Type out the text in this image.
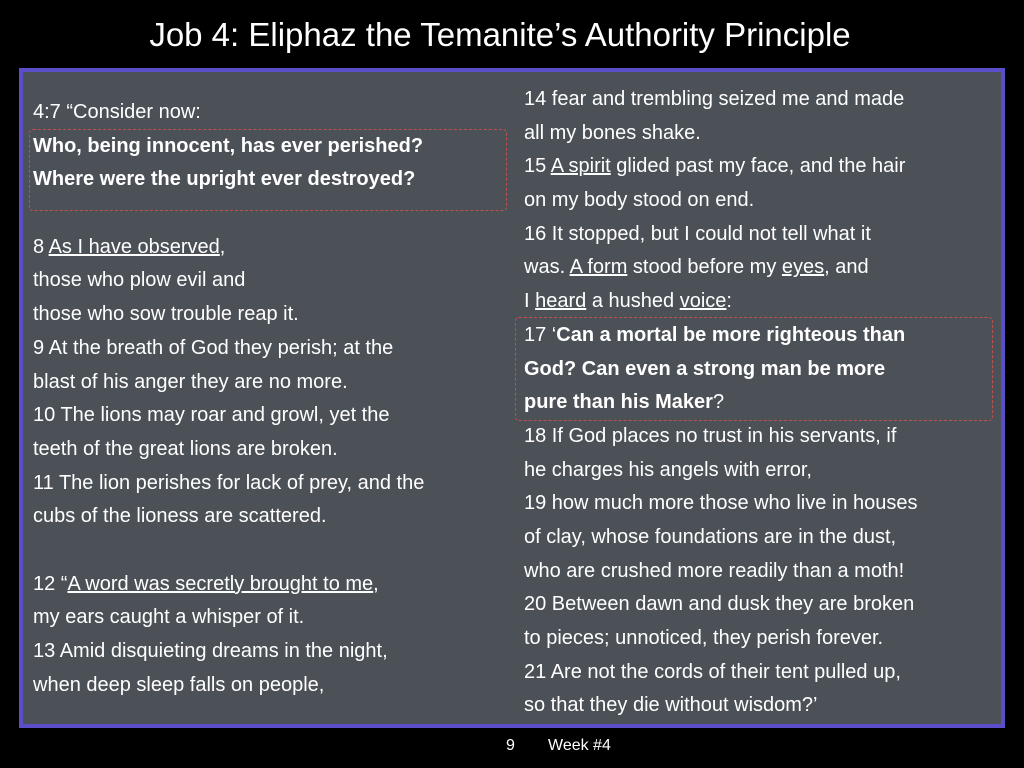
Job 4: Eliphaz the Temanite’s Authority Principle
4:7 “Consider now:
Who, being innocent, has ever perished?
Where were the upright ever destroyed?
8 As I have observed,
those who plow evil and
those who sow trouble reap it.
9 At the breath of God they perish; at the
blast of his anger they are no more.
10 The lions may roar and growl, yet the
teeth of the great lions are broken.
11 The lion perishes for lack of prey, and the
cubs of the lioness are scattered.
12 “A word was secretly brought to me,
my ears caught a whisper of it.
13 Amid disquieting dreams in the night,
when deep sleep falls on people,
14 fear and trembling seized me and made
all my bones shake.
15 A spirit glided past my face, and the hair
on my body stood on end.
16 It stopped, but I could not tell what it
was. A form stood before my eyes, and
I heard a hushed voice:
17 ‘Can a mortal be more righteous than
God? Can even a strong man be more
pure than his Maker?
18 If God places no trust in his servants, if
he charges his angels with error,
19 how much more those who live in houses
of clay, whose foundations are in the dust,
who are crushed more readily than a moth!
20 Between dawn and dusk they are broken
to pieces; unnoticed, they perish forever.
21 Are not the cords of their tent pulled up,
so that they die without wisdom?’
9 Week #4
